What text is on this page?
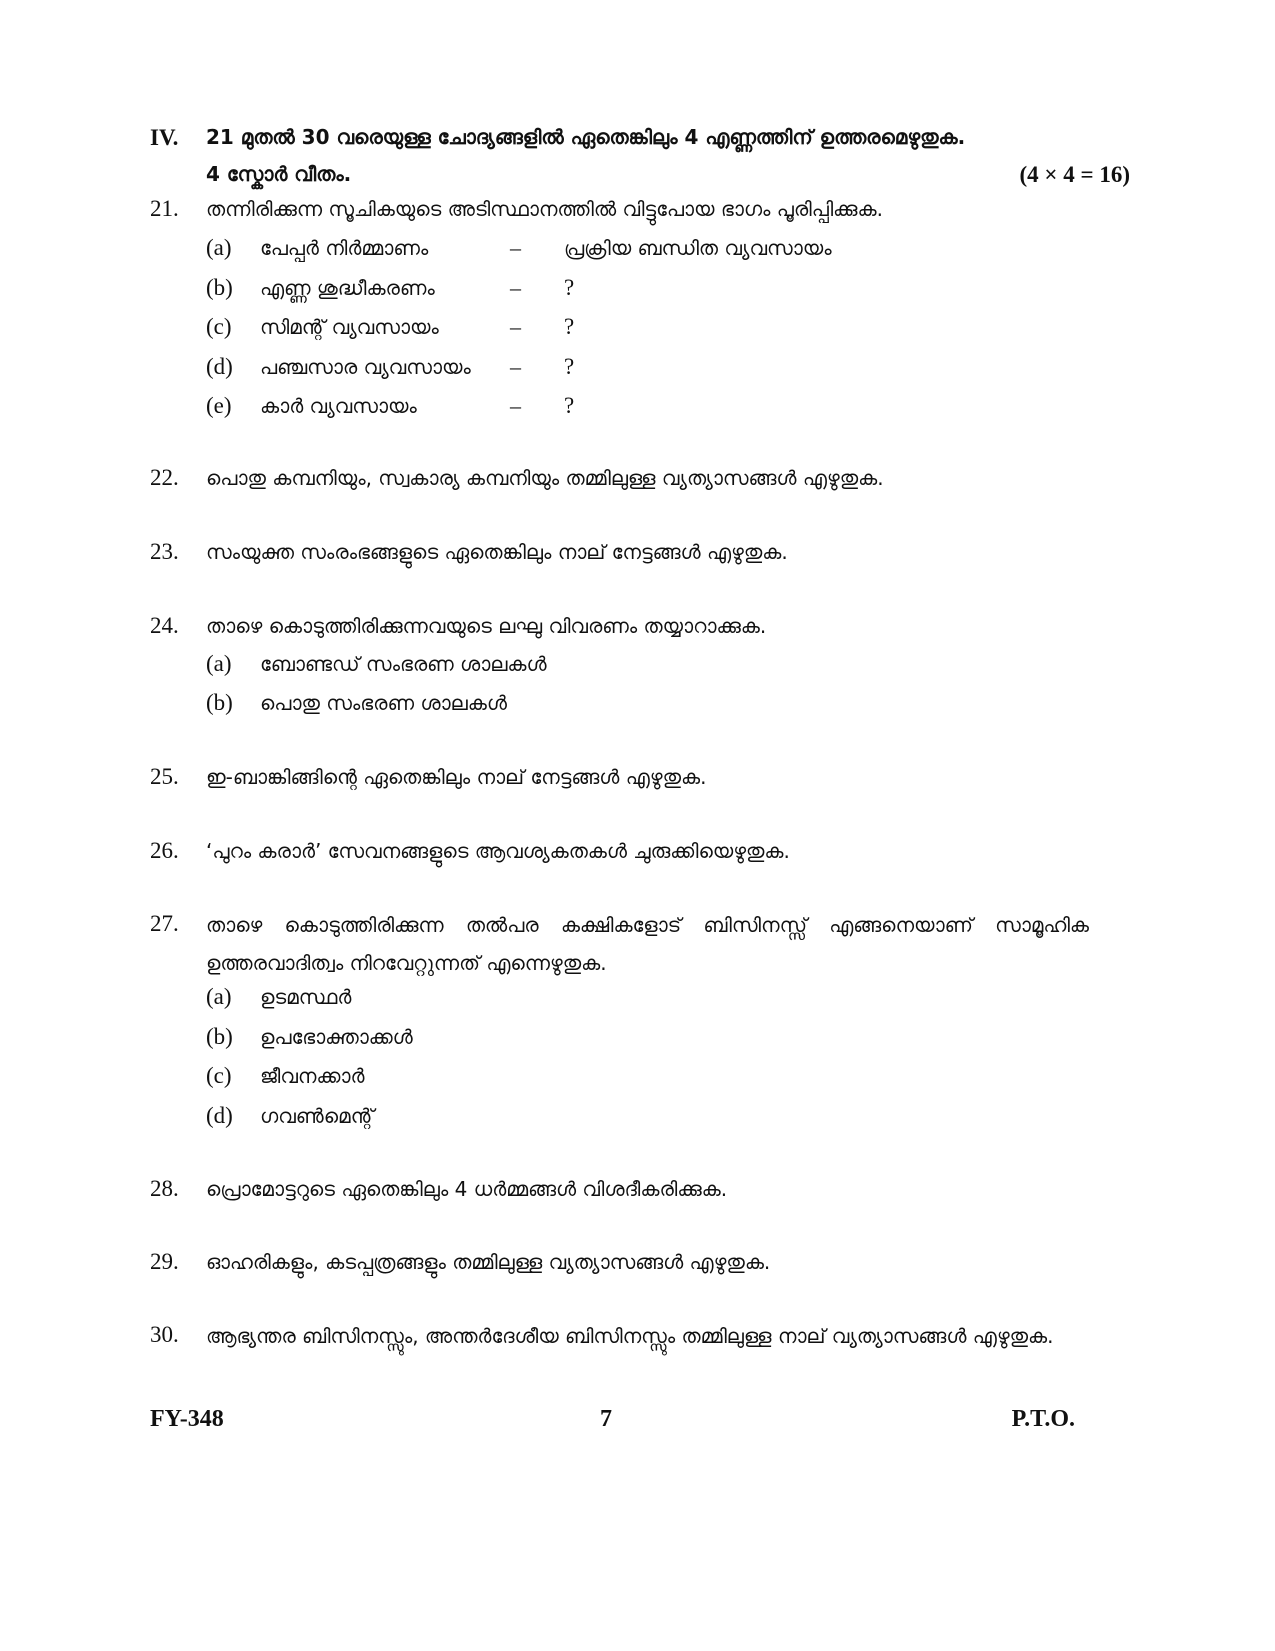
IV. 21 മുതൽ 30 വരെയുള്ള ചോദ്യങ്ങളിൽ ഏതെങ്കിലും 4 എണ്ണത്തിന് ഉത്തരമെഴുതുക.
4 സ്കോർ വീതം.	(4 × 4 = 16)
21. തന്നിരിക്കുന്ന സൂചികയുടെ അടിസ്ഥാനത്തിൽ വിട്ടുപോയ ഭാഗം പൂരിപ്പിക്കുക.
(a) പേപ്പർ നിർമ്മാണം	– പ്രക്രിയ ബന്ധിത വ്യവസായം
(b) എണ്ണ ശുദ്ധീകരണം	– ?
(c) സിമന്റ് വ്യവസായം	– ?
(d) പഞ്ചസാര വ്യവസായം – ?
(e) കാർ വ്യവസായം	– ?
22. പൊതു കമ്പനിയും, സ്വകാര്യ കമ്പനിയും തമ്മിലുള്ള വ്യത്യാസങ്ങൾ എഴുതുക.
23. സംയുക്ത സംരംഭങ്ങളുടെ ഏതെങ്കിലും നാല് നേട്ടങ്ങൾ എഴുതുക.
24. താഴെ കൊടുത്തിരിക്കുന്നവയുടെ ലഘു വിവരണം തയ്യാറാക്കുക.
(a) ബോണ്ടഡ് സംഭരണ ശാലകൾ
(b) പൊതു സംഭരണ ശാലകൾ
25. ഇ-ബാങ്കിങ്ങിന്റെ ഏതെങ്കിലും നാല് നേട്ടങ്ങൾ എഴുതുക.
26. ‘പുറം കരാർ’ സേവനങ്ങളുടെ ആവശ്യകതകൾ ചുരുക്കിയെഴുതുക.
27. താഴെ കൊടുത്തിരിക്കുന്ന തൽപര കക്ഷികളോട് ബിസിനസ്സ് എങ്ങനെയാണ് സാമൂഹിക ഉത്തരവാദിത്വം നിറവേറ്റുന്നത് എന്നെഴുതുക.
(a) ഉടമസ്ഥർ
(b) ഉപഭോക്താക്കൾ
(c) ജീവനക്കാർ
(d) ഗവൺമെന്റ്
28. പ്രൊമോട്ടറുടെ ഏതെങ്കിലും 4 ധർമ്മങ്ങൾ വിശദീകരിക്കുക.
29. ഓഹരികളും, കടപ്പത്രങ്ങളും തമ്മിലുള്ള വ്യത്യാസങ്ങൾ എഴുതുക.
30. ആഭ്യന്തര ബിസിനസ്സും, അന്തർദേശീയ ബിസിനസ്സും തമ്മിലുള്ള നാല് വ്യത്യാസങ്ങൾ എഴുതുക.
FY-348	7	P.T.O.
